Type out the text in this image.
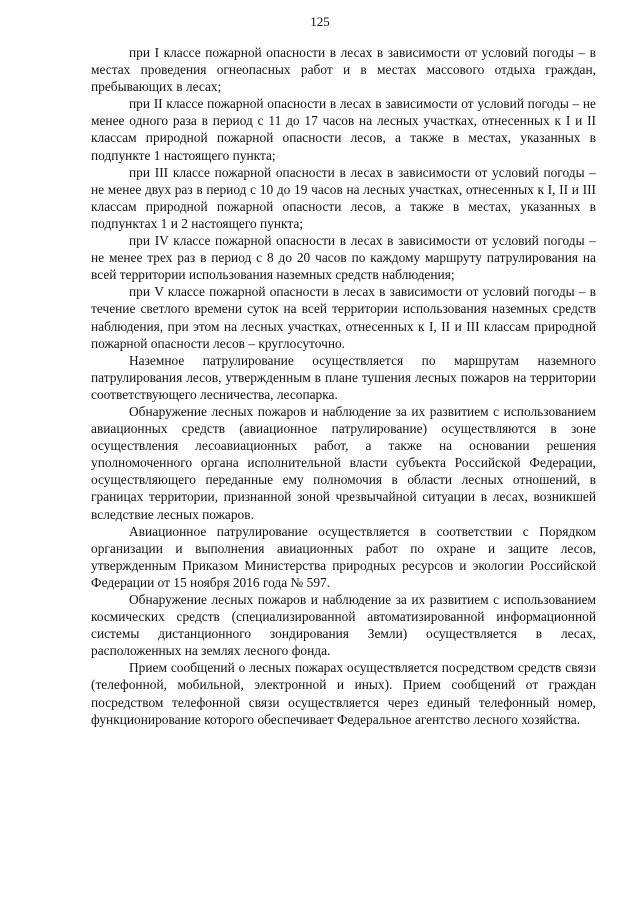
125

при I классе пожарной опасности в лесах в зависимости от условий погоды – в местах проведения огнеопасных работ и в местах массового отдыха граждан, пребывающих в лесах;

при II классе пожарной опасности в лесах в зависимости от условий погоды – не менее одного раза в период с 11 до 17 часов на лесных участках, отнесенных к I и II классам природной пожарной опасности лесов, а также в местах, указанных в подпункте 1 настоящего пункта;

при III классе пожарной опасности в лесах в зависимости от условий погоды – не менее двух раз в период с 10 до 19 часов на лесных участках, отнесенных к I, II и III классам природной пожарной опасности лесов, а также в местах, указанных в подпунктах 1 и 2 настоящего пункта;

при IV классе пожарной опасности в лесах в зависимости от условий погоды – не менее трех раз в период с 8 до 20 часов по каждому маршруту патрулирования на всей территории использования наземных средств наблюдения;

при V классе пожарной опасности в лесах в зависимости от условий погоды – в течение светлого времени суток на всей территории использования наземных средств наблюдения, при этом на лесных участках, отнесенных к I, II и III классам природной пожарной опасности лесов – круглосуточно.

Наземное патрулирование осуществляется по маршрутам наземного патрулирования лесов, утвержденным в плане тушения лесных пожаров на территории соответствующего лесничества, лесопарка.

Обнаружение лесных пожаров и наблюдение за их развитием с использованием авиационных средств (авиационное патрулирование) осуществляются в зоне осуществления лесоавиационных работ, а также на основании решения уполномоченного органа исполнительной власти субъекта Российской Федерации, осуществляющего переданные ему полномочия в области лесных отношений, в границах территории, признанной зоной чрезвычайной ситуации в лесах, возникшей вследствие лесных пожаров.

Авиационное патрулирование осуществляется в соответствии с Порядком организации и выполнения авиационных работ по охране и защите лесов, утвержденным Приказом Министерства природных ресурсов и экологии Российской Федерации от 15 ноября 2016 года № 597.

Обнаружение лесных пожаров и наблюдение за их развитием с использованием космических средств (специализированной автоматизированной информационной системы дистанционного зондирования Земли) осуществляется в лесах, расположенных на землях лесного фонда.

Прием сообщений о лесных пожарах осуществляется посредством средств связи (телефонной, мобильной, электронной и иных). Прием сообщений от граждан посредством телефонной связи осуществляется через единый телефонный номер, функционирование которого обеспечивает Федеральное агентство лесного хозяйства.
